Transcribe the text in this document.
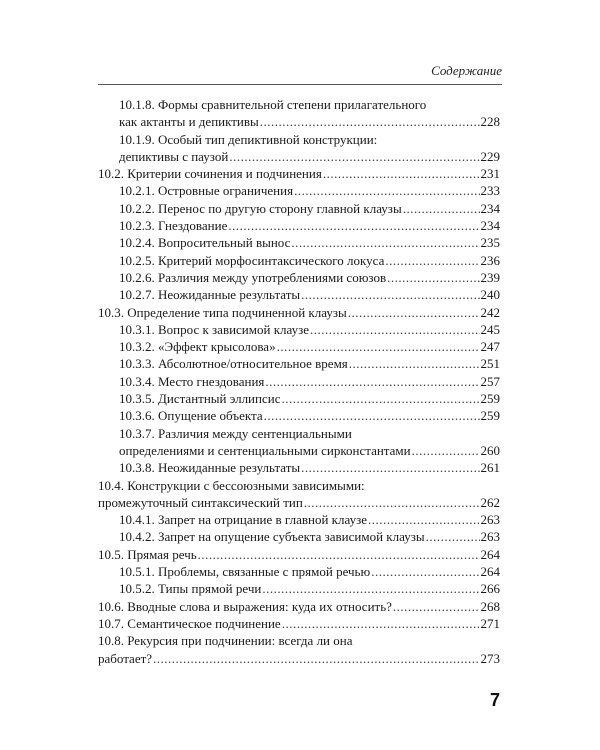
Содержание
10.1.8. Формы сравнительной степени прилагательного
как актанты и депиктивы .....	228
10.1.9. Особый тип депиктивной конструкции:
депиктивы с паузой .....	229
10.2. Критерии сочинения и подчинения .....	231
10.2.1. Островные ограничения .....	233
10.2.2. Перенос по другую сторону главной клаузы .....	234
10.2.3. Гнездование .....	234
10.2.4. Вопросительный вынос .....	235
10.2.5. Критерий морфосинтаксического локуса .....	236
10.2.6. Различия между употреблениями союзов .....	239
10.2.7. Неожиданные результаты .....	240
10.3. Определение типа подчиненной клаузы .....	242
10.3.1. Вопрос к зависимой клаузе .....	245
10.3.2. «Эффект крысолова» .....	247
10.3.3. Абсолютное/относительное время .....	251
10.3.4. Место гнездования .....	257
10.3.5. Дистантный эллипсис .....	259
10.3.6. Опущение объекта .....	259
10.3.7. Различия между сентенциальными
определениями и сентенциальными сирконстантами .....	260
10.3.8. Неожиданные результаты .....	261
10.4. Конструкции с бессоюзными зависимыми:
промежуточный синтаксический тип .....	262
10.4.1. Запрет на отрицание в главной клаузе .....	263
10.4.2. Запрет на опущение субъекта зависимой клаузы .....	263
10.5. Прямая речь .....	264
10.5.1. Проблемы, связанные с прямой речью .....	264
10.5.2. Типы прямой речи .....	266
10.6. Вводные слова и выражения: куда их относить? .....	268
10.7. Семантическое подчинение .....	271
10.8. Рекурсия при подчинении: всегда ли она
работает? .....	273
7
